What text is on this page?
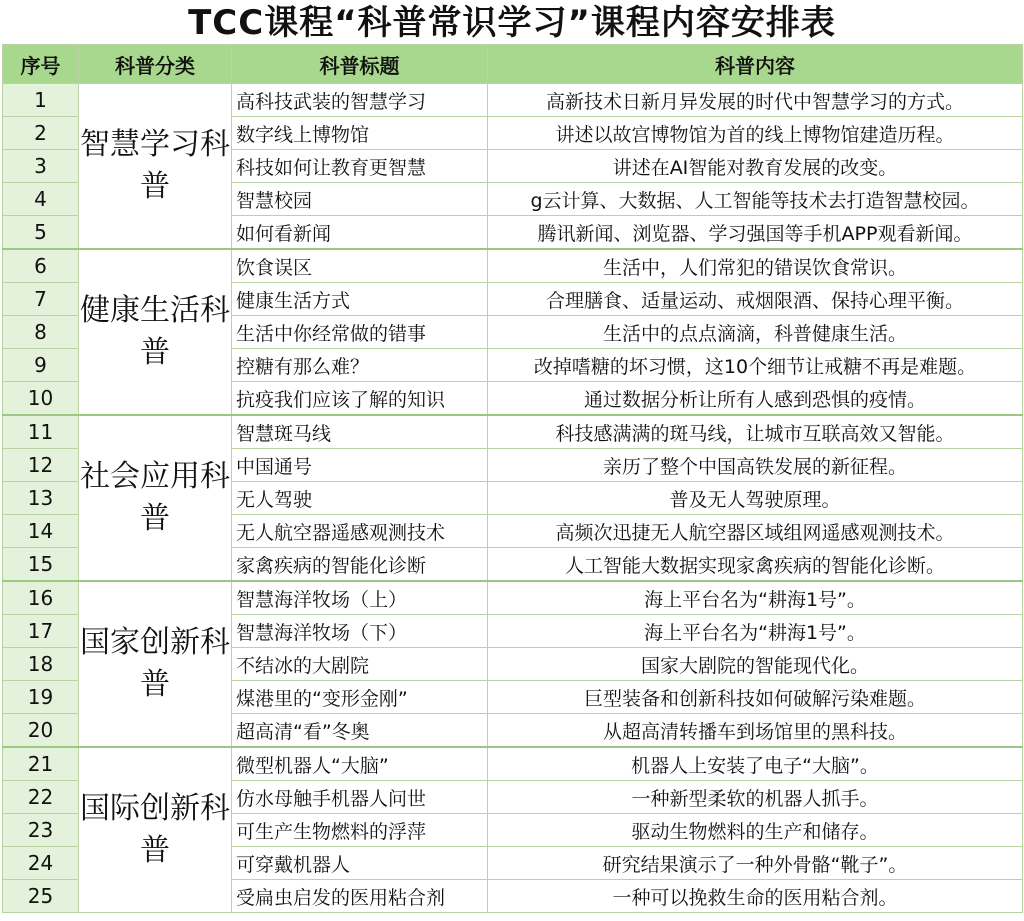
TCC课程“科普常识学习”课程内容安排表
序号	科普分类	科普标题	科普内容
1	智慧学习科普	高科技武装的智慧学习	高新技术日新月异发展的时代中智慧学习的方式。
2		数字线上博物馆	讲述以故宫博物馆为首的线上博物馆建造历程。
3		科技如何让教育更智慧	讲述在AI智能对教育发展的改变。
4		智慧校园	g云计算、大数据、人工智能等技术去打造智慧校园。
5		如何看新闻	腾讯新闻、浏览器、学习强国等手机APP观看新闻。
6	健康生活科普	饮食误区	生活中，人们常犯的错误饮食常识。
7		健康生活方式	合理膳食、适量运动、戒烟限酒、保持心理平衡。
8		生活中你经常做的错事	生活中的点点滴滴，科普健康生活。
9		控糖有那么难？	改掉嗜糖的坏习惯，这10个细节让戒糖不再是难题。
10		抗疫我们应该了解的知识	通过数据分析让所有人感到恐惧的疫情。
11	社会应用科普	智慧斑马线	科技感满满的斑马线，让城市互联高效又智能。
12		中国通号	亲历了整个中国高铁发展的新征程。
13		无人驾驶	普及无人驾驶原理。
14		无人航空器遥感观测技术	高频次迅捷无人航空器区域组网遥感观测技术。
15		家禽疾病的智能化诊断	人工智能大数据实现家禽疾病的智能化诊断。
16	国家创新科普	智慧海洋牧场（上）	海上平台名为“耕海1号”。
17		智慧海洋牧场（下）	海上平台名为“耕海1号”。
18		不结冰的大剧院	国家大剧院的智能现代化。
19		煤港里的“变形金刚”	巨型装备和创新科技如何破解污染难题。
20		超高清“看”冬奥	从超高清转播车到场馆里的黑科技。
21	国际创新科普	微型机器人“大脑”	机器人上安装了电子“大脑”。
22		仿水母触手机器人问世	一种新型柔软的机器人抓手。
23		可生产生物燃料的浮萍	驱动生物燃料的生产和储存。
24		可穿戴机器人	研究结果演示了一种外骨骼“靴子”。
25		受扁虫启发的医用粘合剂	一种可以挽救生命的医用粘合剂。
